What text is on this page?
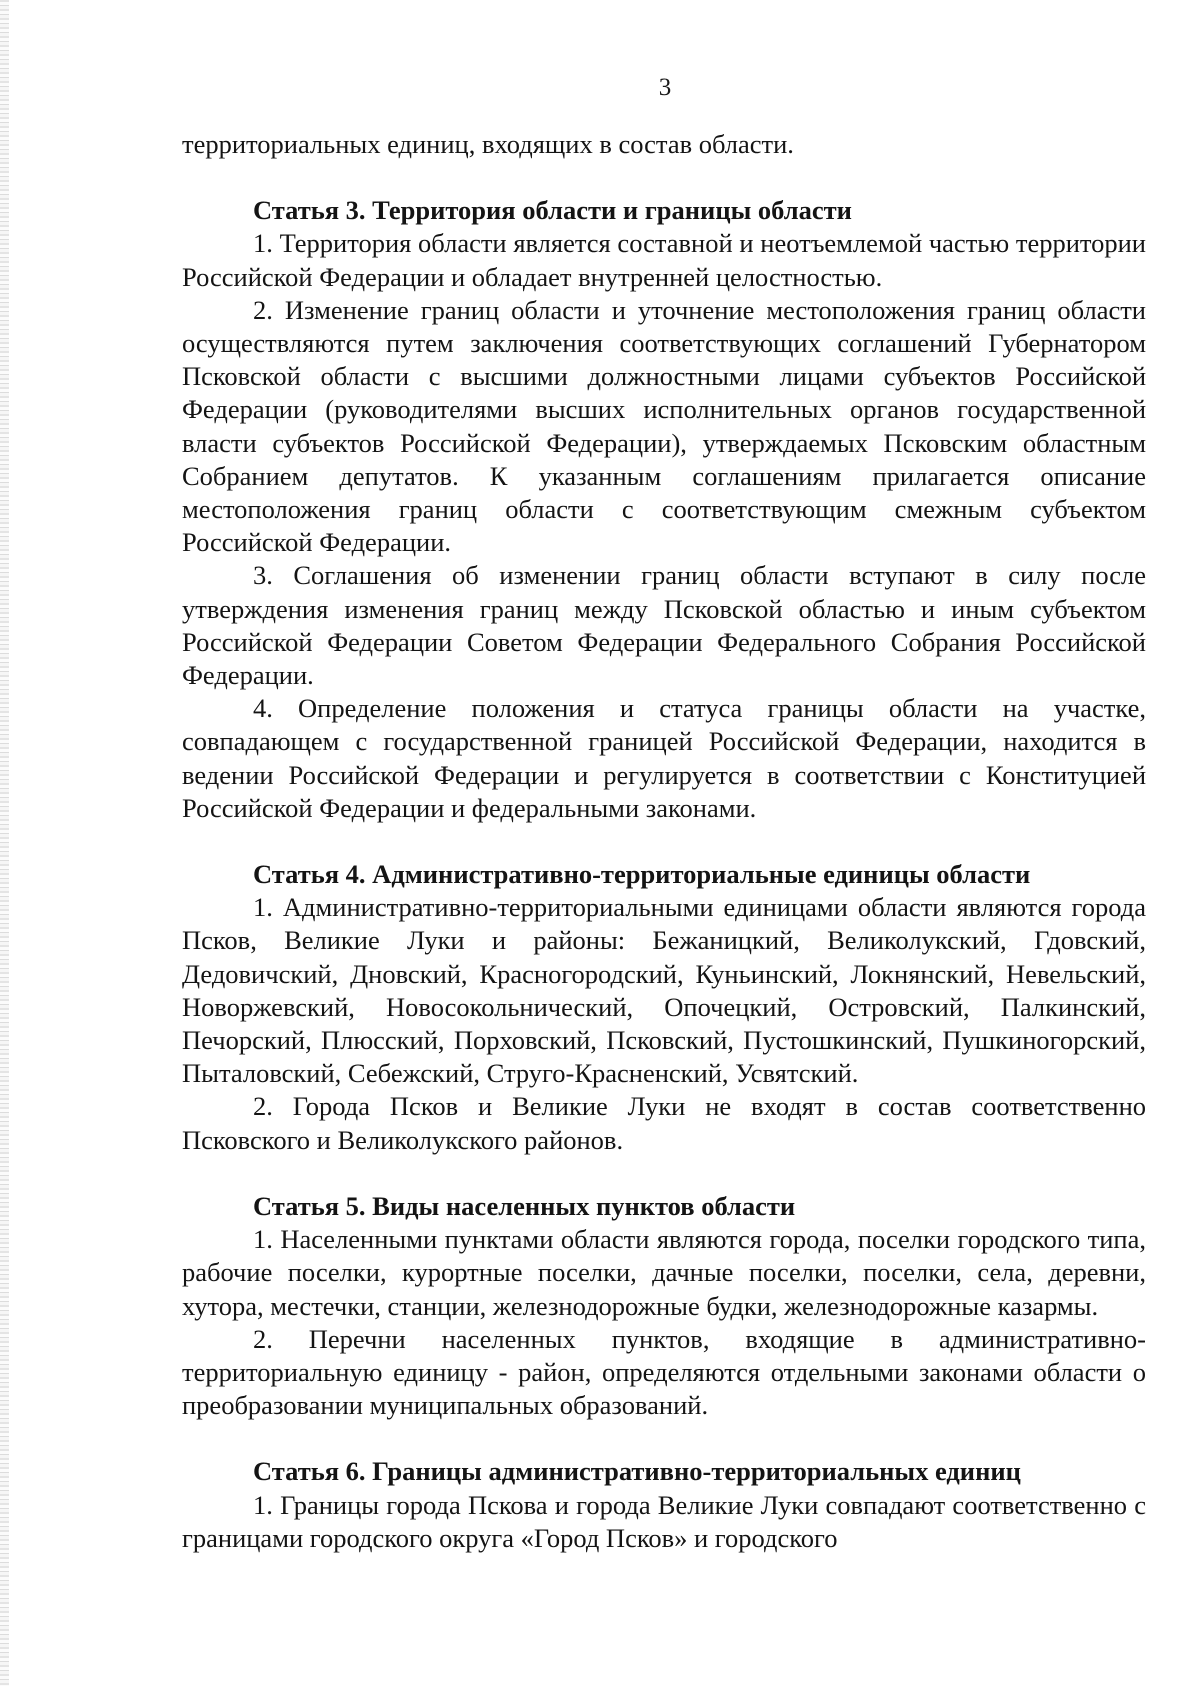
3

территориальных единиц, входящих в состав области.

Статья 3. Территория области и границы области

1. Территория области является составной и неотъемлемой частью территории Российской Федерации и обладает внутренней целостностью.

2. Изменение границ области и уточнение местоположения границ области осуществляются путем заключения соответствующих соглашений Губернатором Псковской области с высшими должностными лицами субъектов Российской Федерации (руководителями высших исполнительных органов государственной власти субъектов Российской Федерации), утверждаемых Псковским областным Собранием депутатов. К указанным соглашениям прилагается описание местоположения границ области с соответствующим смежным субъектом Российской Федерации.

3. Соглашения об изменении границ области вступают в силу после утверждения изменения границ между Псковской областью и иным субъектом Российской Федерации Советом Федерации Федерального Собрания Российской Федерации.

4. Определение положения и статуса границы области на участке, совпадающем с государственной границей Российской Федерации, находится в ведении Российской Федерации и регулируется в соответствии с Конституцией Российской Федерации и федеральными законами.

Статья 4. Административно-территориальные единицы области

1. Административно-территориальными единицами области являются города Псков, Великие Луки и районы: Бежаницкий, Великолукский, Гдовский, Дедовичский, Дновский, Красногородский, Куньинский, Локнянский, Невельский, Новоржевский, Новосокольнический, Опочецкий, Островский, Палкинский, Печорский, Плюсский, Порховский, Псковский, Пустошкинский, Пушкиногорский, Пыталовский, Себежский, Струго-Красненский, Усвятский.

2. Города Псков и Великие Луки не входят в состав соответственно Псковского и Великолукского районов.

Статья 5. Виды населенных пунктов области

1. Населенными пунктами области являются города, поселки городского типа, рабочие поселки, курортные поселки, дачные поселки, поселки, села, деревни, хутора, местечки, станции, железнодорожные будки, железнодорожные казармы.

2. Перечни населенных пунктов, входящие в административно-территориальную единицу - район, определяются отдельными законами области о преобразовании муниципальных образований.

Статья 6. Границы административно-территориальных единиц

1. Границы города Пскова и города Великие Луки совпадают соответственно с границами городского округа «Город Псков» и городского
